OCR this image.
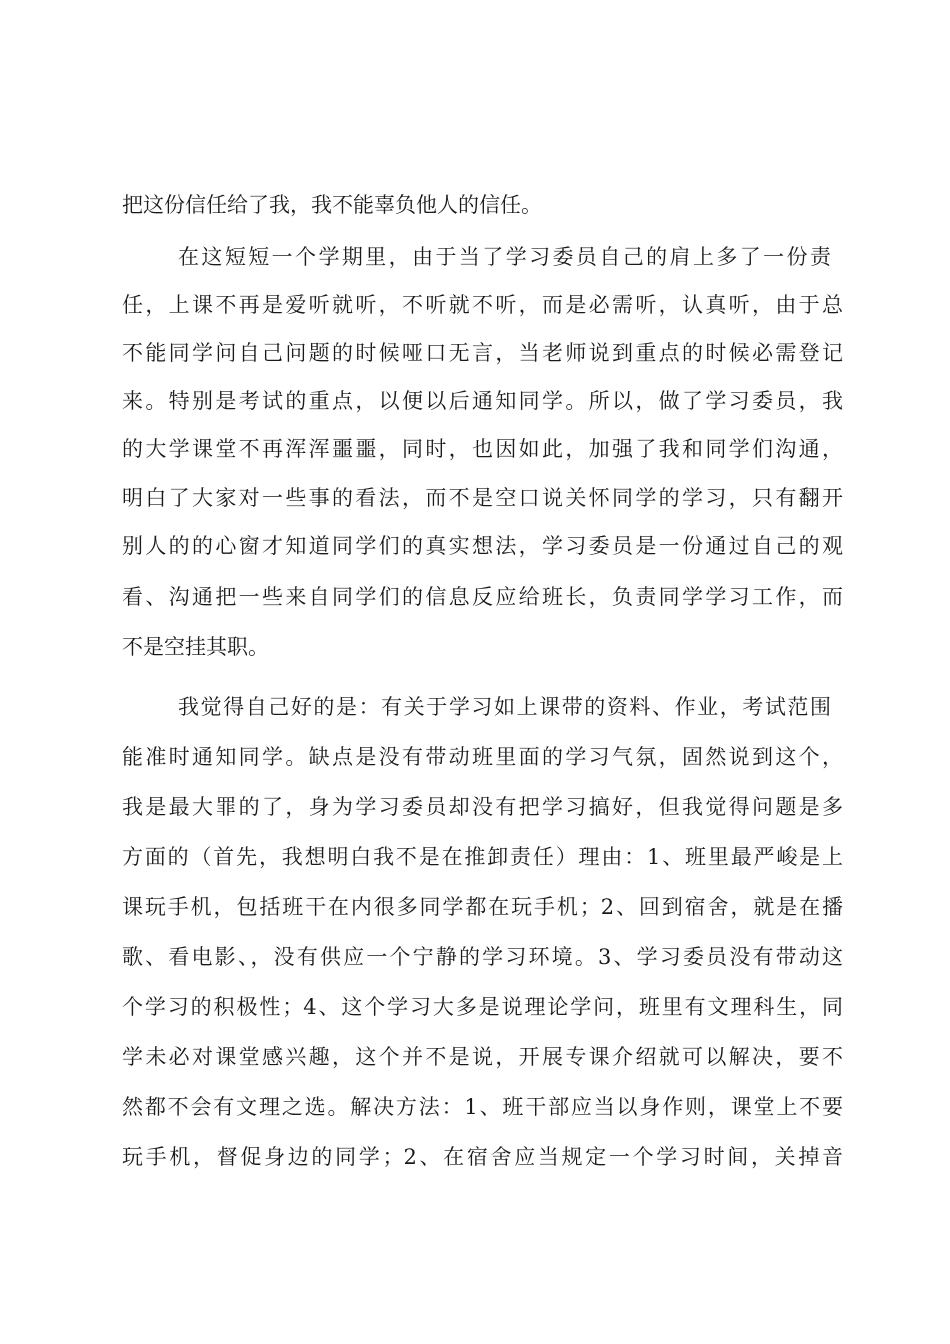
把这份信任给了我，我不能辜负他人的信任。
在这短短一个学期里，由于当了学习委员自己的肩上多了一份责
任，上课不再是爱听就听，不听就不听，而是必需听，认真听，由于总
不能同学问自己问题的时候哑口无言，当老师说到重点的时候必需登记
来。特别是考试的重点，以便以后通知同学。所以，做了学习委员，我
的大学课堂不再浑浑噩噩，同时，也因如此，加强了我和同学们沟通，
明白了大家对一些事的看法，而不是空口说关怀同学的学习，只有翻开
别人的的心窗才知道同学们的真实想法，学习委员是一份通过自己的观
看、沟通把一些来自同学们的信息反应给班长，负责同学学习工作，而
不是空挂其职。
我觉得自己好的是：有关于学习如上课带的资料、作业，考试范围
能准时通知同学。缺点是没有带动班里面的学习气氛，固然说到这个，
我是最大罪的了，身为学习委员却没有把学习搞好，但我觉得问题是多
方面的（首先，我想明白我不是在推卸责任）理由：1、班里最严峻是上
课玩手机，包括班干在内很多同学都在玩手机；2、回到宿舍，就是在播
歌、看电影、，没有供应一个宁静的学习环境。3、学习委员没有带动这
个学习的积极性；4、这个学习大多是说理论学问，班里有文理科生，同
学未必对课堂感兴趣，这个并不是说，开展专课介绍就可以解决，要不
然都不会有文理之选。解决方法：1、班干部应当以身作则，课堂上不要
玩手机，督促身边的同学；2、在宿舍应当规定一个学习时间，关掉音
